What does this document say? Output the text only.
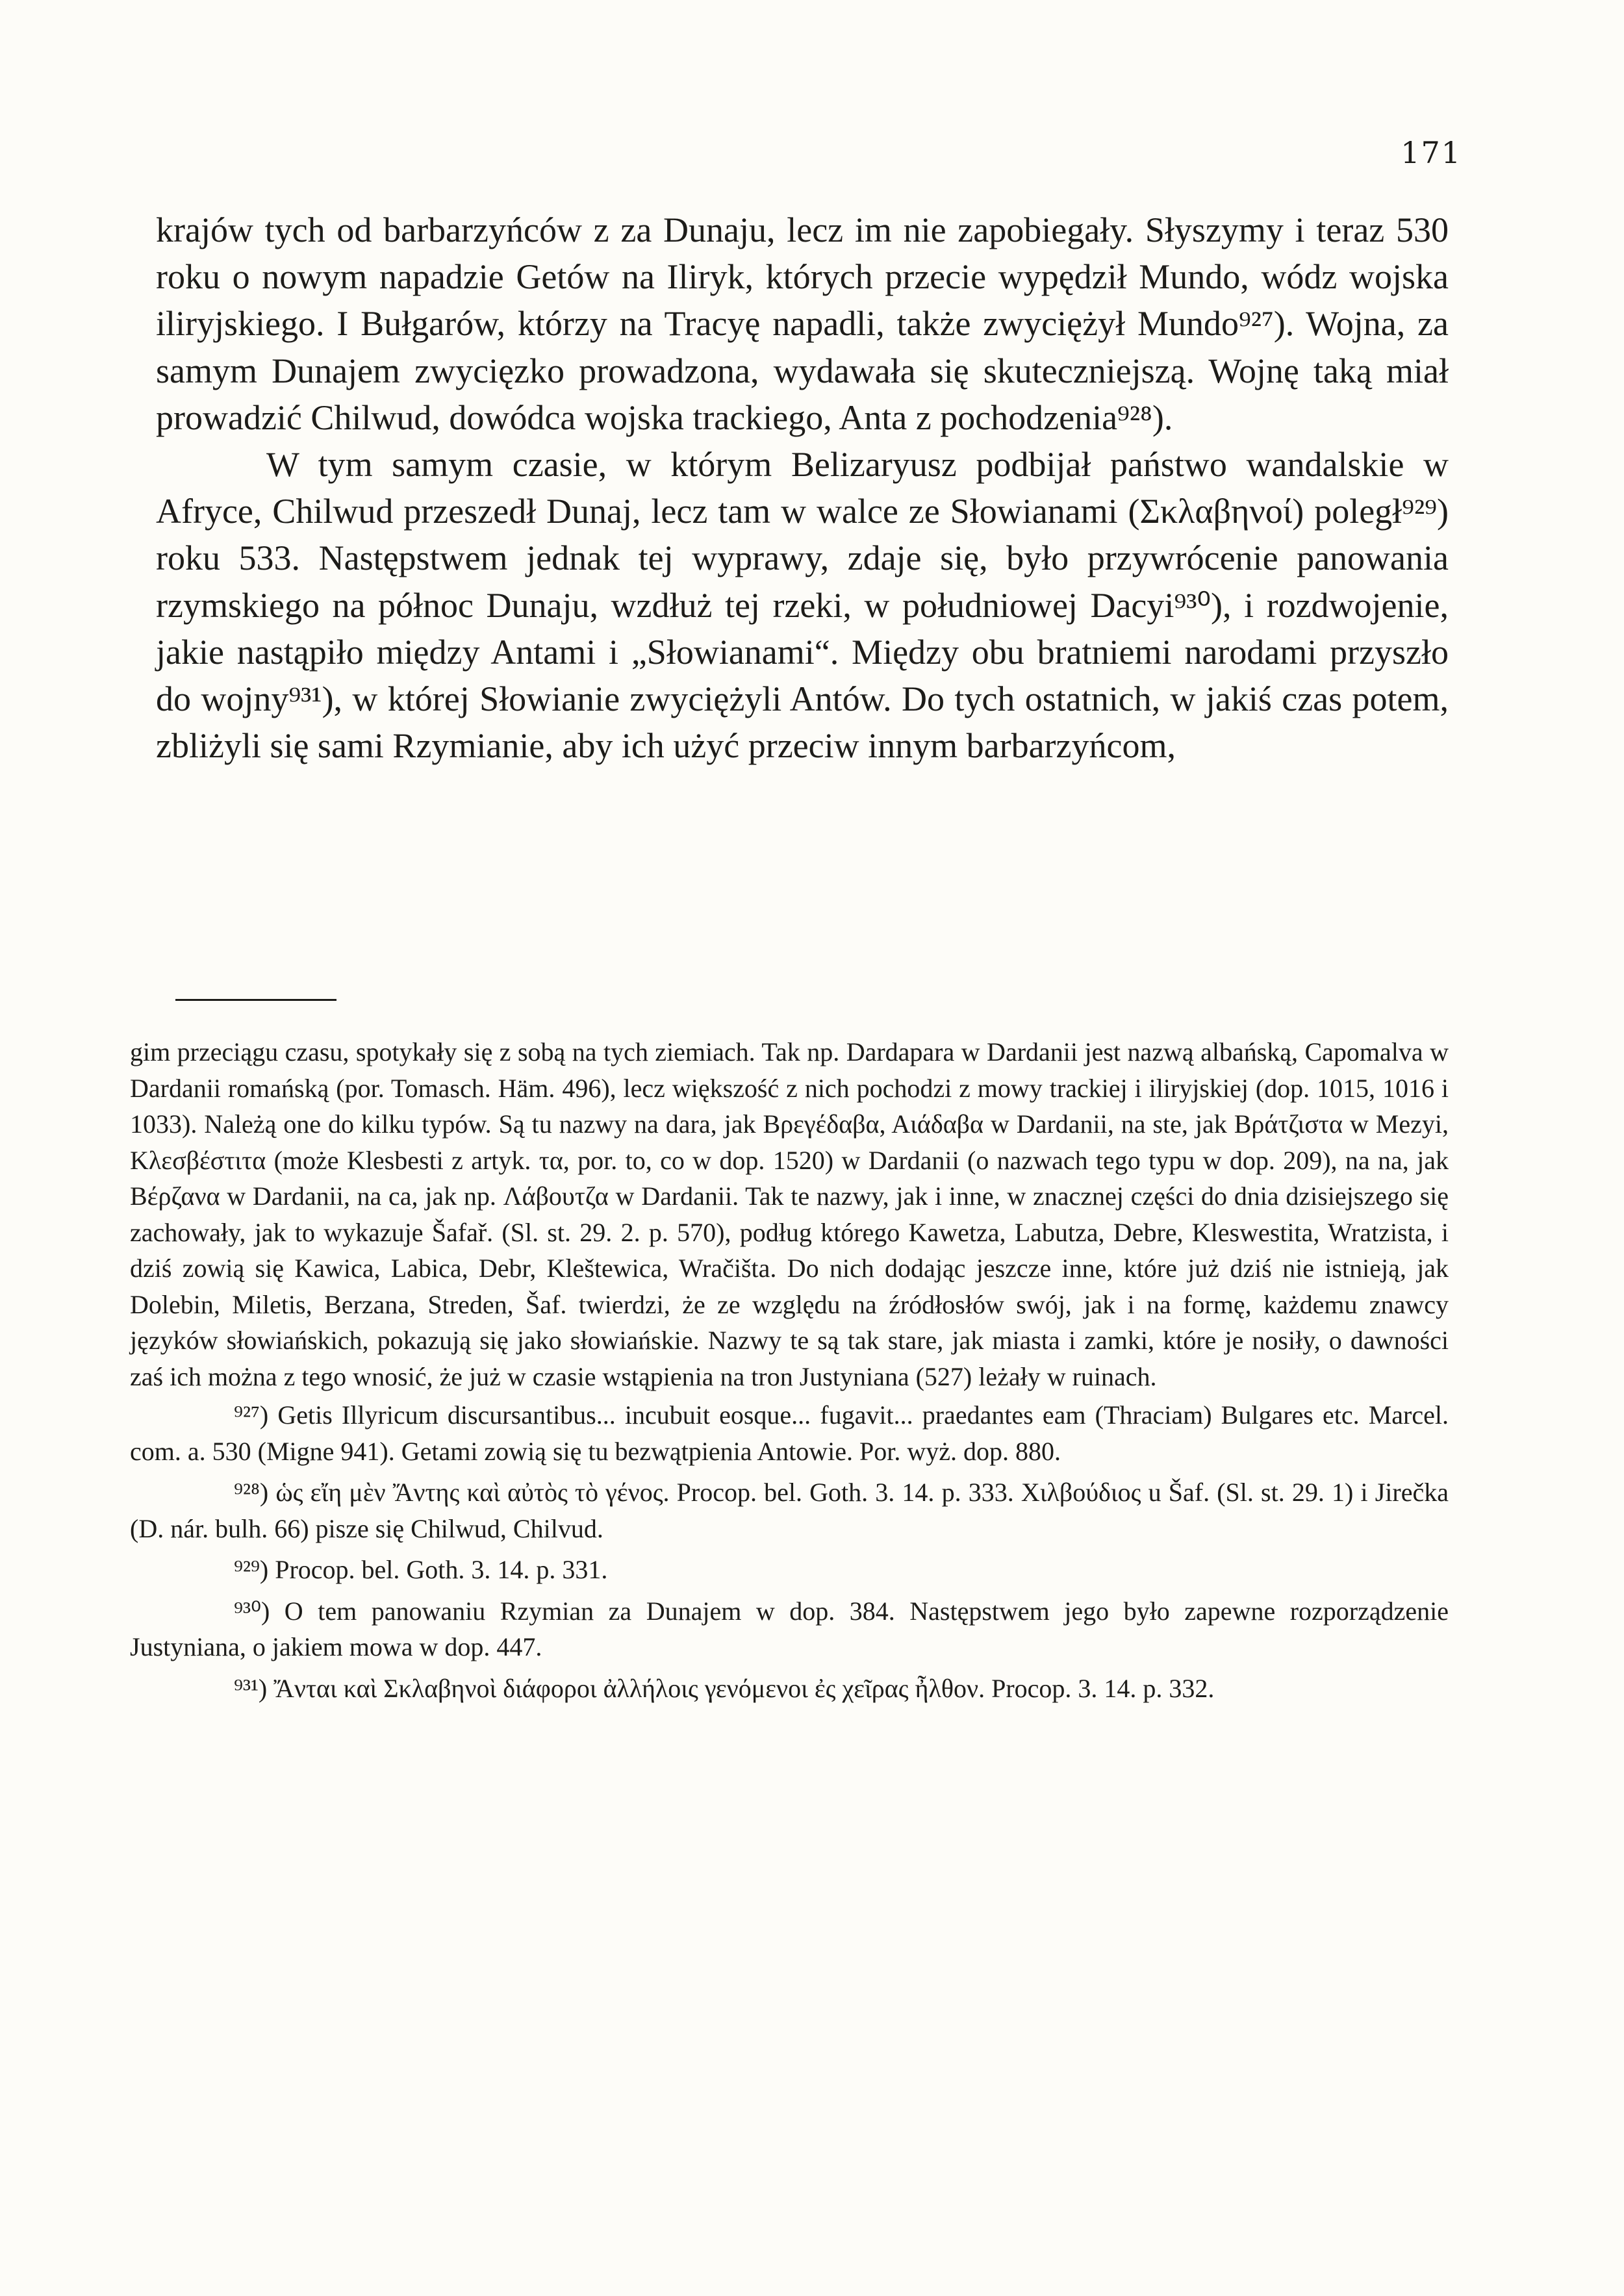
171

krajów tych od barbarzyńców z za Dunaju, lecz im nie zapobiegały. Słyszymy i teraz 530 roku o nowym napadzie Getów na Iliryk, których przecie wypędził Mundo, wódz wojska iliryjskiego. I Bułgarów, którzy na Tracyę napadli, także zwyciężył Mundo⁹²⁷). Wojna, za samym Dunajem zwycięzko prowadzona, wydawała się skuteczniejszą. Wojnę taką miał prowadzić Chilwud, dowódca wojska trackiego, Anta z pochodzenia⁹²⁸).

W tym samym czasie, w którym Belizaryusz podbijał państwo wandalskie w Afryce, Chilwud przeszedł Dunaj, lecz tam w walce ze Słowianami (Σκλαβηνοί) poległ⁹²⁹) roku 533. Następstwem jednak tej wyprawy, zdaje się, było przywrócenie panowania rzymskiego na północ Dunaju, wzdłuż tej rzeki, w południowej Dacyi⁹³⁰), i rozdwojenie, jakie nastąpiło między Antami i „Słowianami“. Między obu bratniemi narodami przyszło do wojny⁹³¹), w której Słowianie zwyciężyli Antów. Do tych ostatnich, w jakiś czas potem, zbliżyli się sami Rzymianie, aby ich użyć przeciw innym barbarzyńcom,

gim przeciągu czasu, spotykały się z sobą na tych ziemiach. Tak np. Dardapara w Dardanii jest nazwą albańską, Capomalva w Dardanii romańską (por. Tomasch. Häm. 496), lecz większość z nich pochodzi z mowy trackiej i iliryjskiej (dop. 1015, 1016 i 1033). Należą one do kilku typów. Są tu nazwy na dara, jak Βρεγέδαβα, Αιάδαβα w Dardanii, na ste, jak Βράτζιστα w Mezyi, Κλεσβέστιτα (może Klesbesti z artyk. τα, por. to, co w dop. 1520) w Dardanii (o nazwach tego typu w dop. 209), na na, jak Βέρζανα w Dardanii, na ca, jak np. Λάβουτζα w Dardanii. Tak te nazwy, jak i inne, w znacznej części do dnia dzisiejszego się zachowały, jak to wykazuje Šafař. (Sl. st. 29. 2. p. 570), podług którego Kawetza, Labutza, Debre, Kleswestita, Wratzista, i dziś zowią się Kawica, Labica, Debr, Kleštewica, Wračišta. Do nich dodając jeszcze inne, które już dziś nie istnieją, jak Dolebin, Miletis, Berzana, Streden, Šaf. twierdzi, że ze względu na źródłosłów swój, jak i na formę, każdemu znawcy języków słowiańskich, pokazują się jako słowiańskie. Nazwy te są tak stare, jak miasta i zamki, które je nosiły, o dawności zaś ich można z tego wnosić, że już w czasie wstąpienia na tron Justyniana (527) leżały w ruinach.

⁹²⁷) Getis Illyricum discursantibus... incubuit eosque... fugavit... praedantes eam (Thraciam) Bulgares etc. Marcel. com. a. 530 (Migne 941). Getami zowią się tu bezwątpienia Antowie. Por. wyż. dop. 880.

⁹²⁸) ὡς εἴη μὲν Ἄντης καὶ αὐτὸς τὸ γένος. Procop. bel. Goth. 3. 14. p. 333. Χιλβούδιος u Šaf. (Sl. st. 29. 1) i Jirečka (D. nár. bulh. 66) pisze się Chilwud, Chilvud.

⁹²⁹) Procop. bel. Goth. 3. 14. p. 331.

⁹³⁰) O tem panowaniu Rzymian za Dunajem w dop. 384. Następstwem jego było zapewne rozporządzenie Justyniana, o jakiem mowa w dop. 447.

⁹³¹) Ἄνται καὶ Σκλαβηνοὶ διάφοροι ἀλλήλοις γενόμενοι ἐς χεῖρας ἦλθον. Procop. 3. 14. p. 332.
